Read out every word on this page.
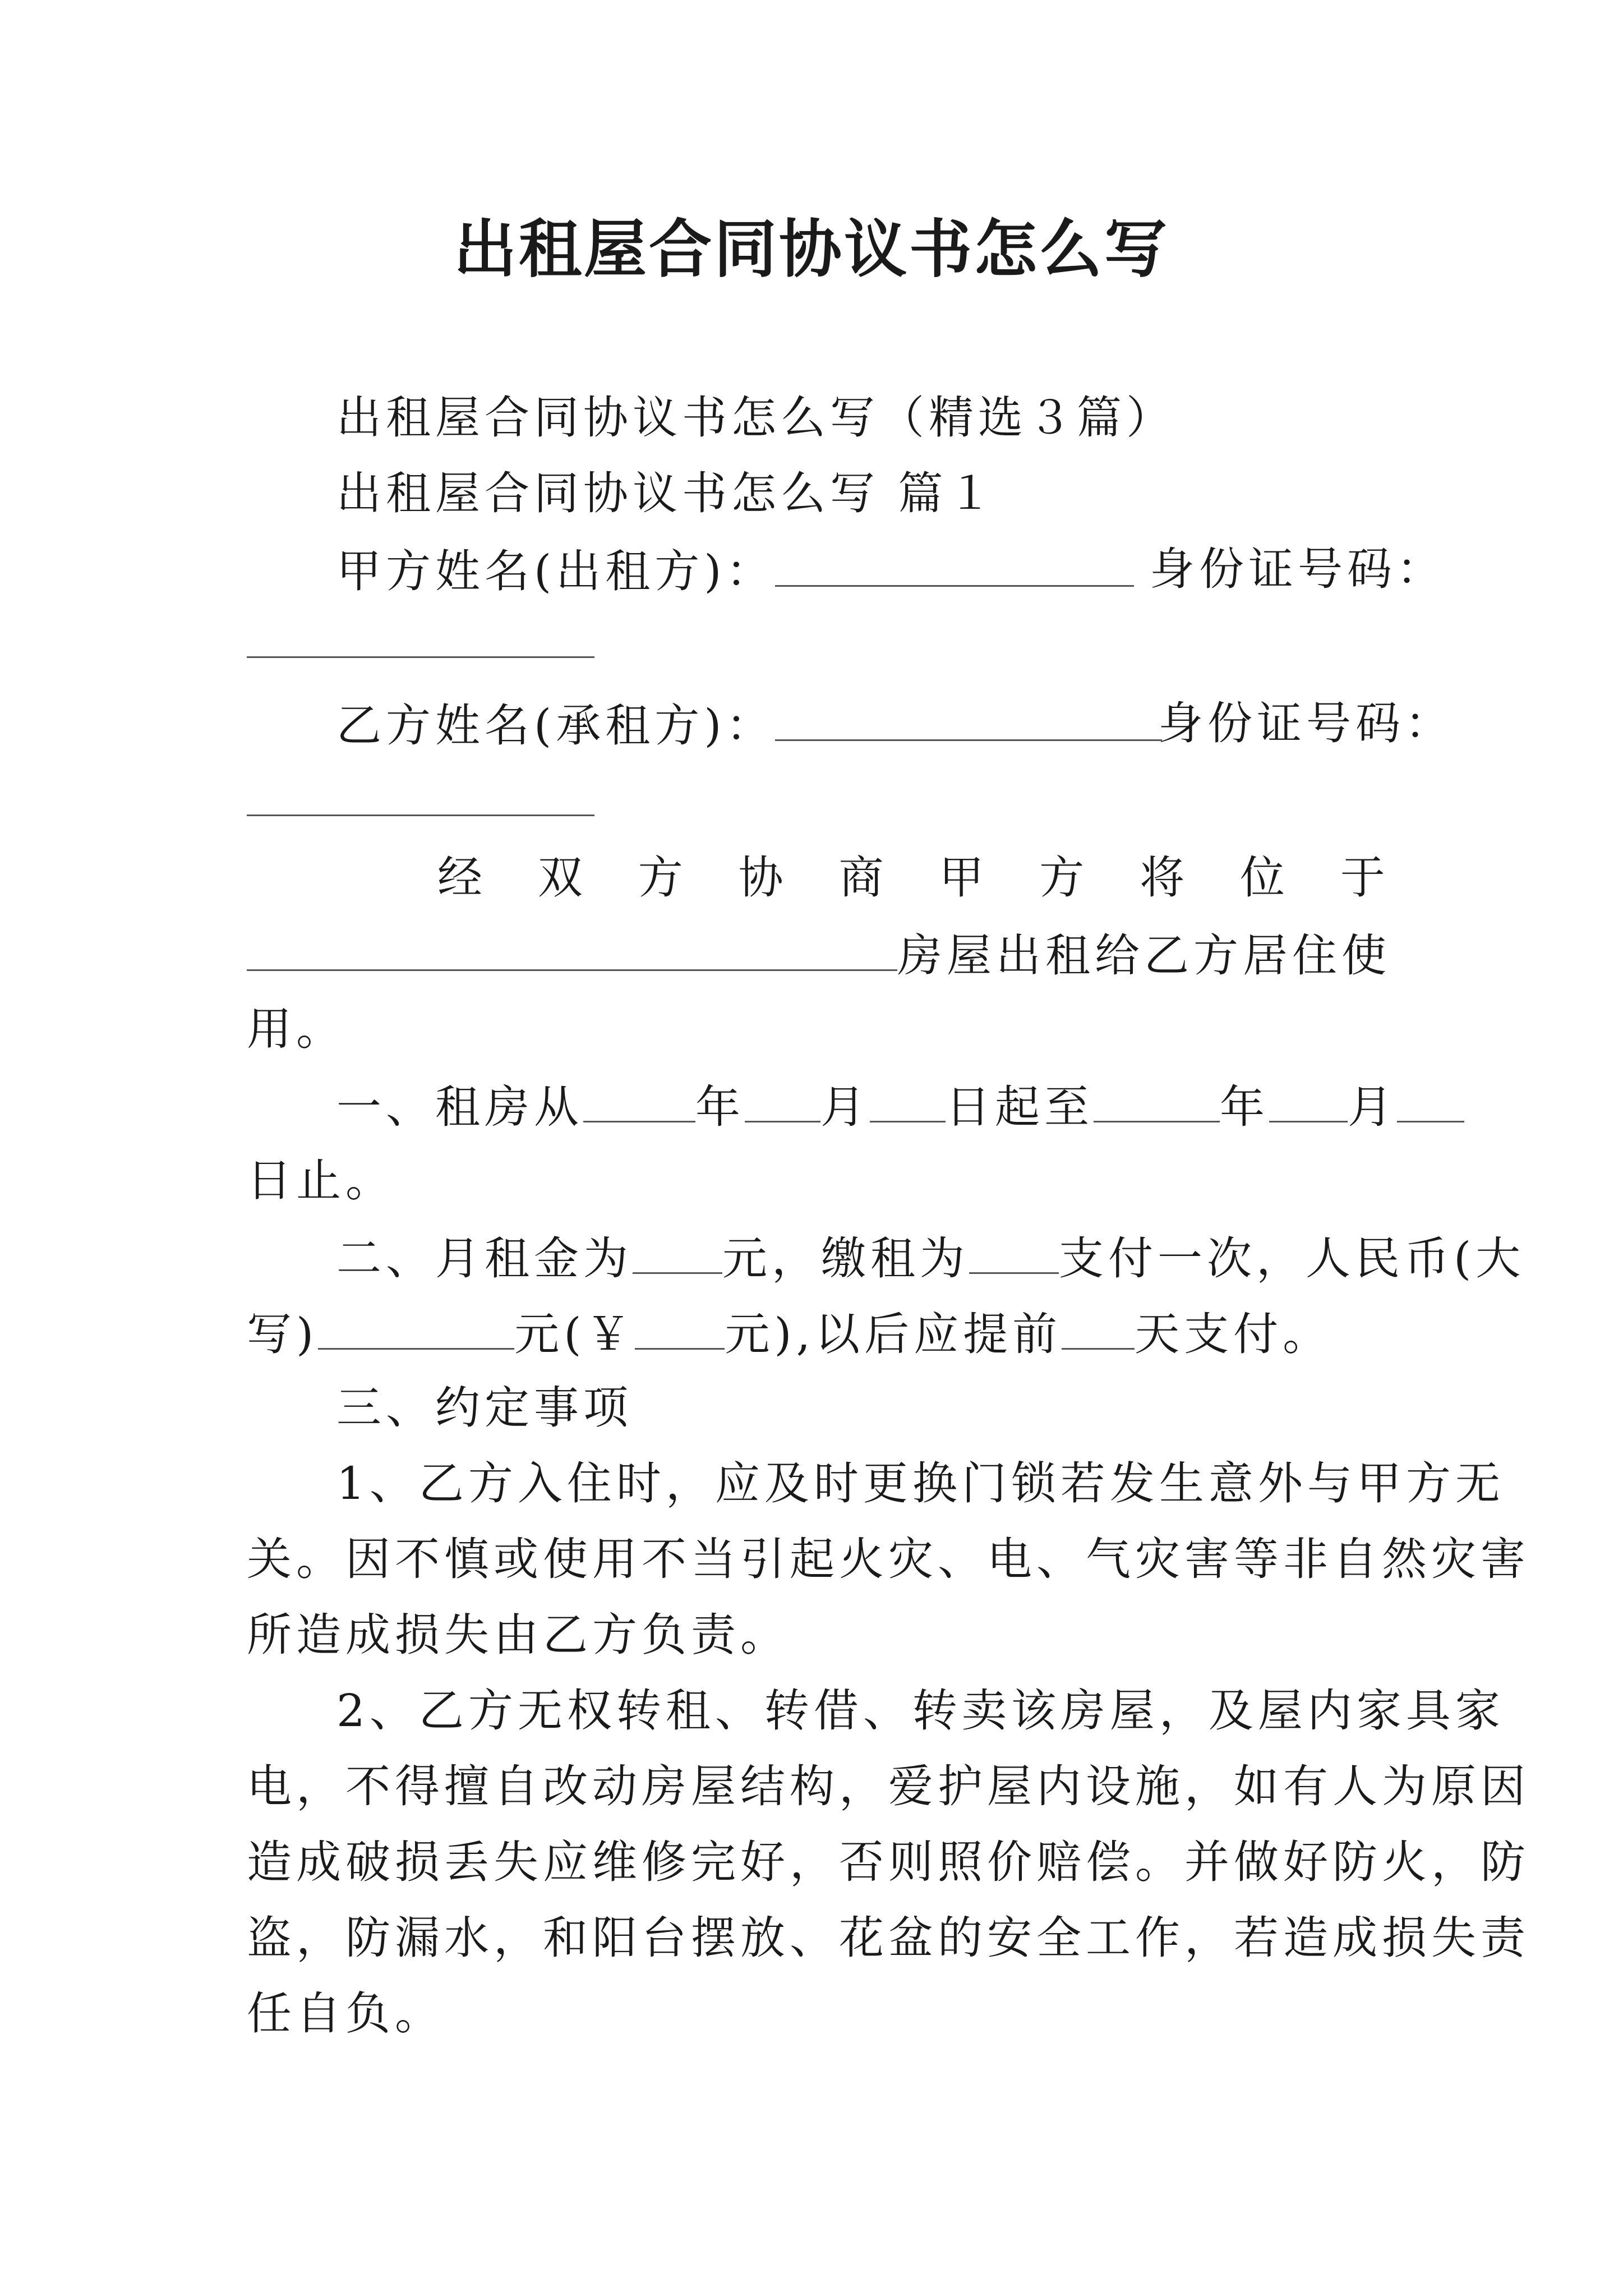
出租屋合同协议书怎么写
出租屋合同协议书怎么写（精选３篇）
出租屋合同协议书怎么写 篇１
甲方姓名(出租方)：	身份证号码：
乙方姓名(承租方)：	身份证号码：
经 双 方 协 商 甲 方 将 位 于
房屋出租给乙方居住使
用。
一、租房从	年 月 日起至	年 月
日止。
二、月租金为 元，缴租为 支付一次，人民币(大
写)	元(￥ 元),以后应提前 天支付。
三、约定事项
1、乙方入住时，应及时更换门锁若发生意外与甲方无
关。因不慎或使用不当引起火灾、电、气灾害等非自然灾害
所造成损失由乙方负责。
2、乙方无权转租、转借、转卖该房屋，及屋内家具家
电，不得擅自改动房屋结构，爱护屋内设施，如有人为原因
造成破损丢失应维修完好，否则照价赔偿。并做好防火，防
盗，防漏水，和阳台摆放、花盆的安全工作，若造成损失责
任自负。
